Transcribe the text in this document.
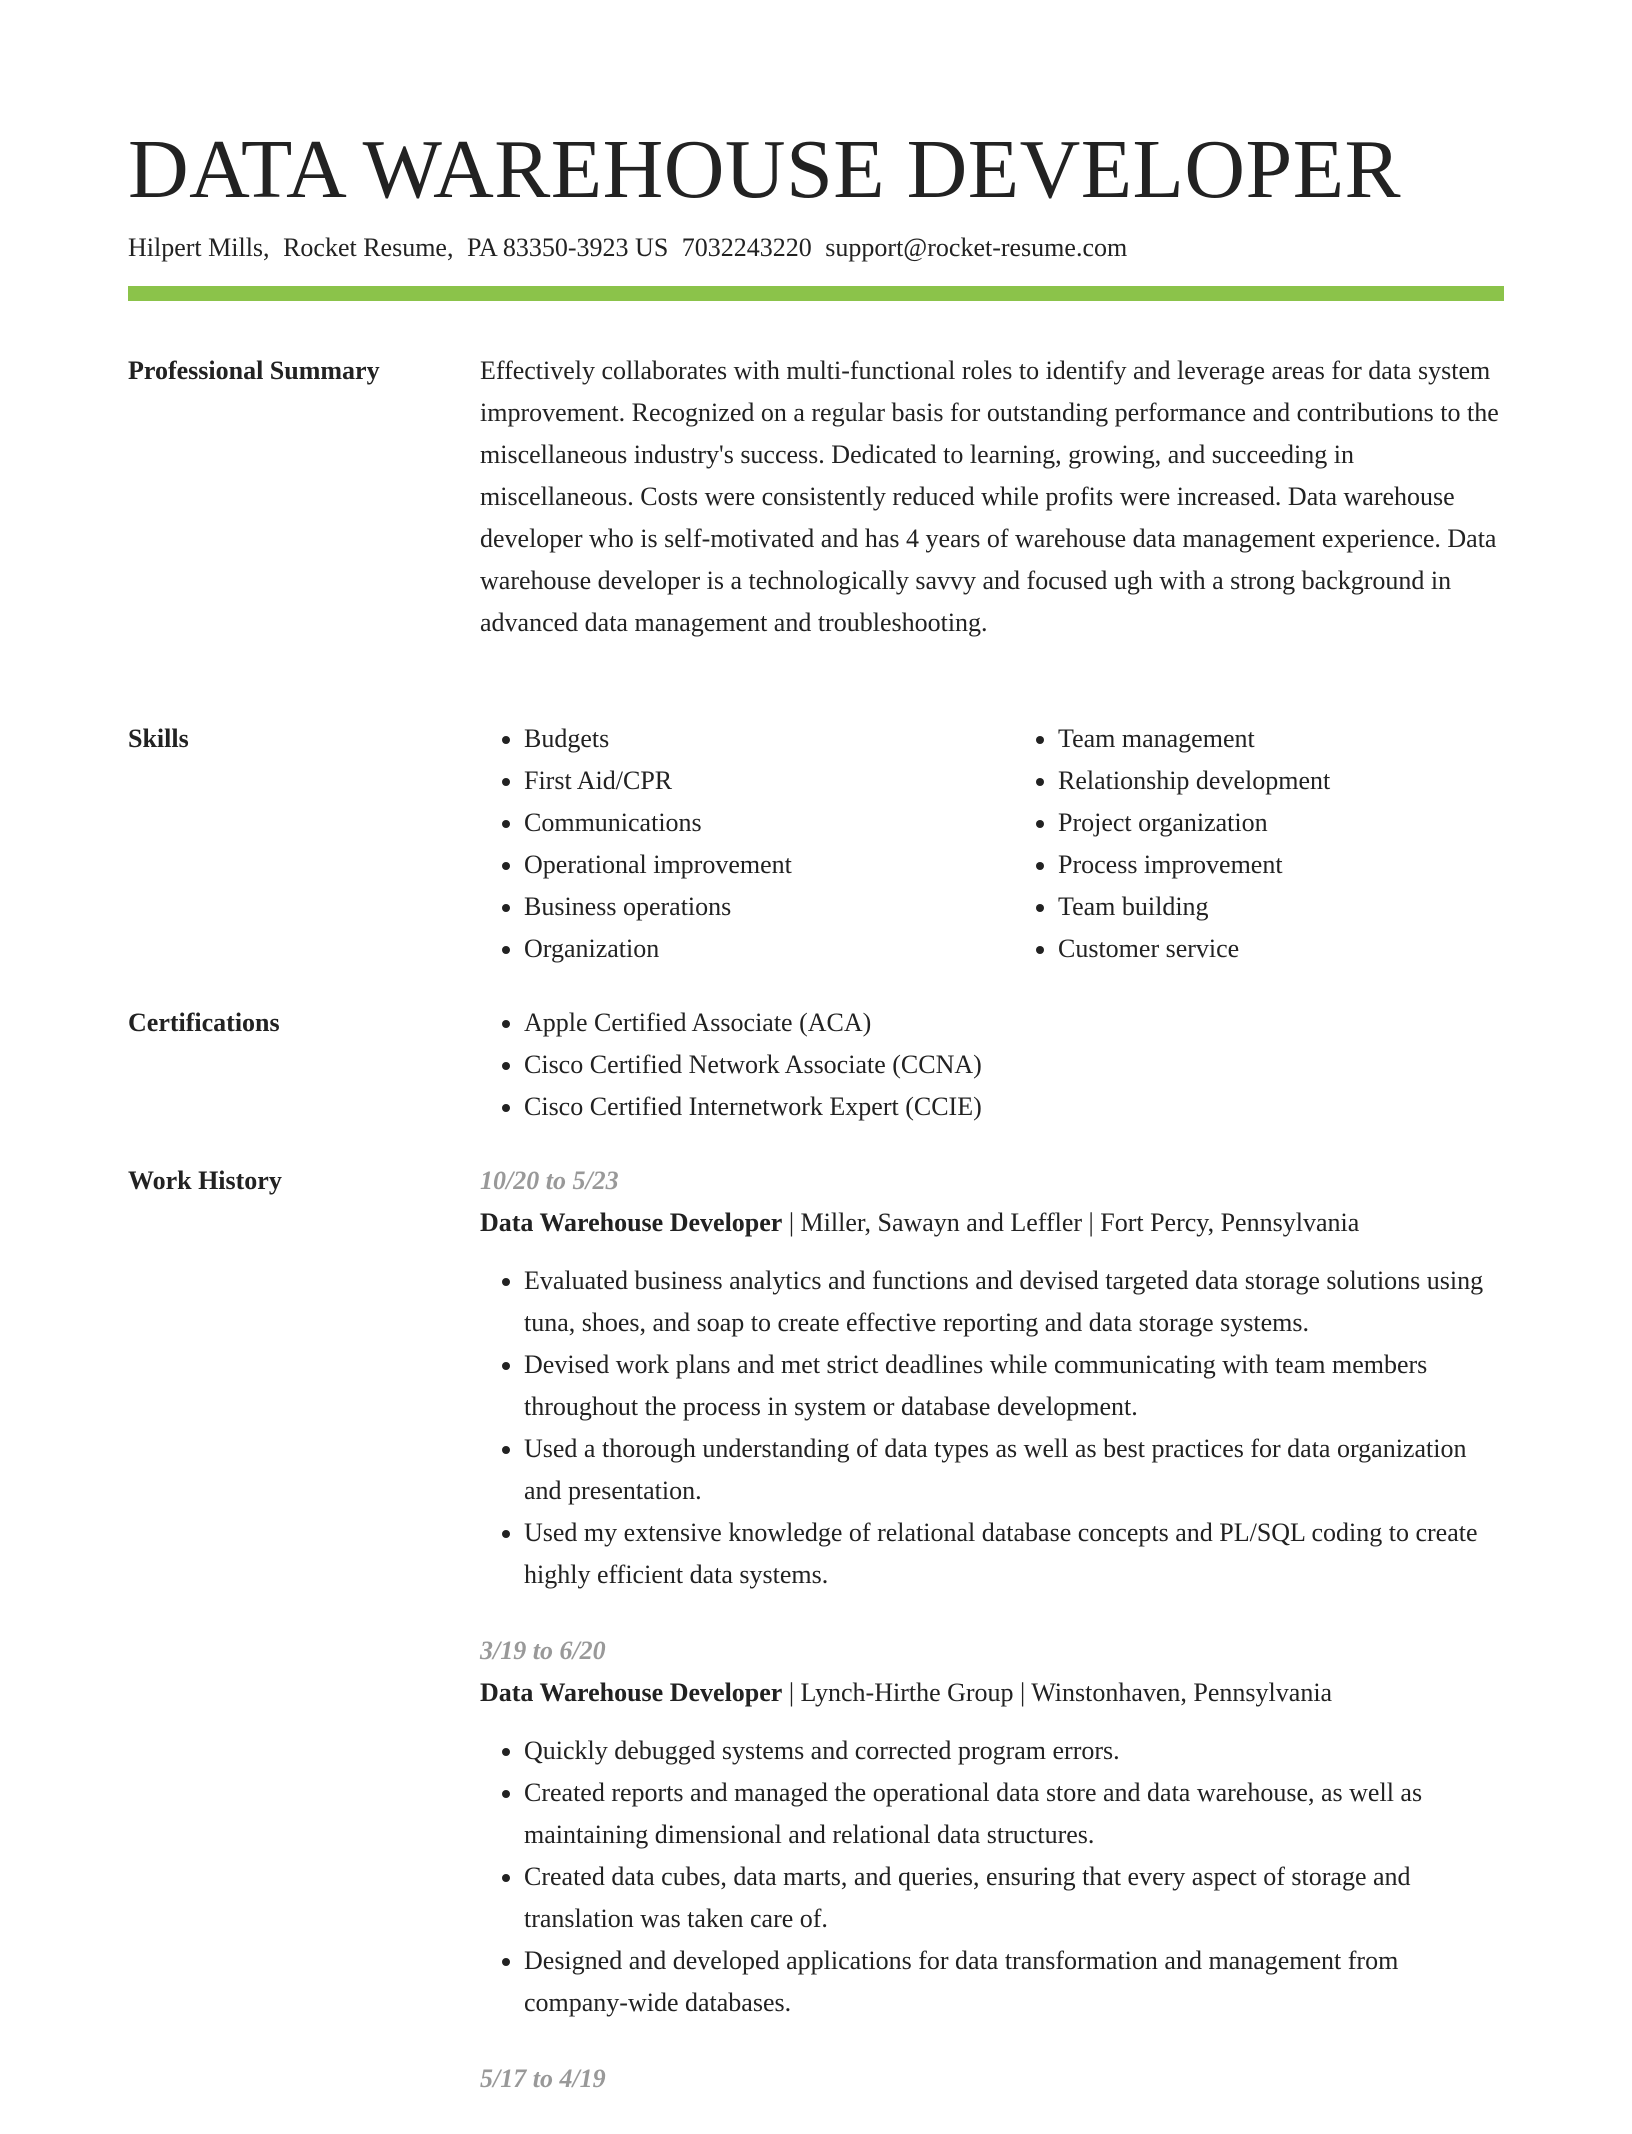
DATA WAREHOUSE DEVELOPER
Hilpert Mills, Rocket Resume, PA 83350-3923 US 7032243220 support@rocket-resume.com
Professional Summary	Effectively collaborates with multi-functional roles to identify and leverage areas for data system improvement. Recognized on a regular basis for outstanding performance and contributions to the miscellaneous industry's success. Dedicated to learning, growing, and succeeding in miscellaneous. Costs were consistently reduced while profits were increased. Data warehouse developer who is self-motivated and has 4 years of warehouse data management experience. Data warehouse developer is a technologically savvy and focused ugh with a strong background in advanced data management and troubleshooting.

Skills	• Budgets
• First Aid/CPR
• Communications
• Operational improvement
• Business operations
• Organization
• Team management
• Relationship development
• Project organization
• Process improvement
• Team building
• Customer service
Certifications	• Apple Certified Associate (ACA)
• Cisco Certified Network Associate (CCNA)
• Cisco Certified Internetwork Expert (CCIE)
Work History	10/20 to 5/23
Data Warehouse Developer | Miller, Sawayn and Leffler | Fort Percy, Pennsylvania
• Evaluated business analytics and functions and devised targeted data storage solutions using tuna, shoes, and soap to create effective reporting and data storage systems.
• Devised work plans and met strict deadlines while communicating with team members throughout the process in system or database development.
• Used a thorough understanding of data types as well as best practices for data organization and presentation.
• Used my extensive knowledge of relational database concepts and PL/SQL coding to create highly efficient data systems.
3/19 to 6/20
Data Warehouse Developer | Lynch-Hirthe Group | Winstonhaven, Pennsylvania
• Quickly debugged systems and corrected program errors.
• Created reports and managed the operational data store and data warehouse, as well as maintaining dimensional and relational data structures.
• Created data cubes, data marts, and queries, ensuring that every aspect of storage and translation was taken care of.
• Designed and developed applications for data transformation and management from company-wide databases.
5/17 to 4/19
